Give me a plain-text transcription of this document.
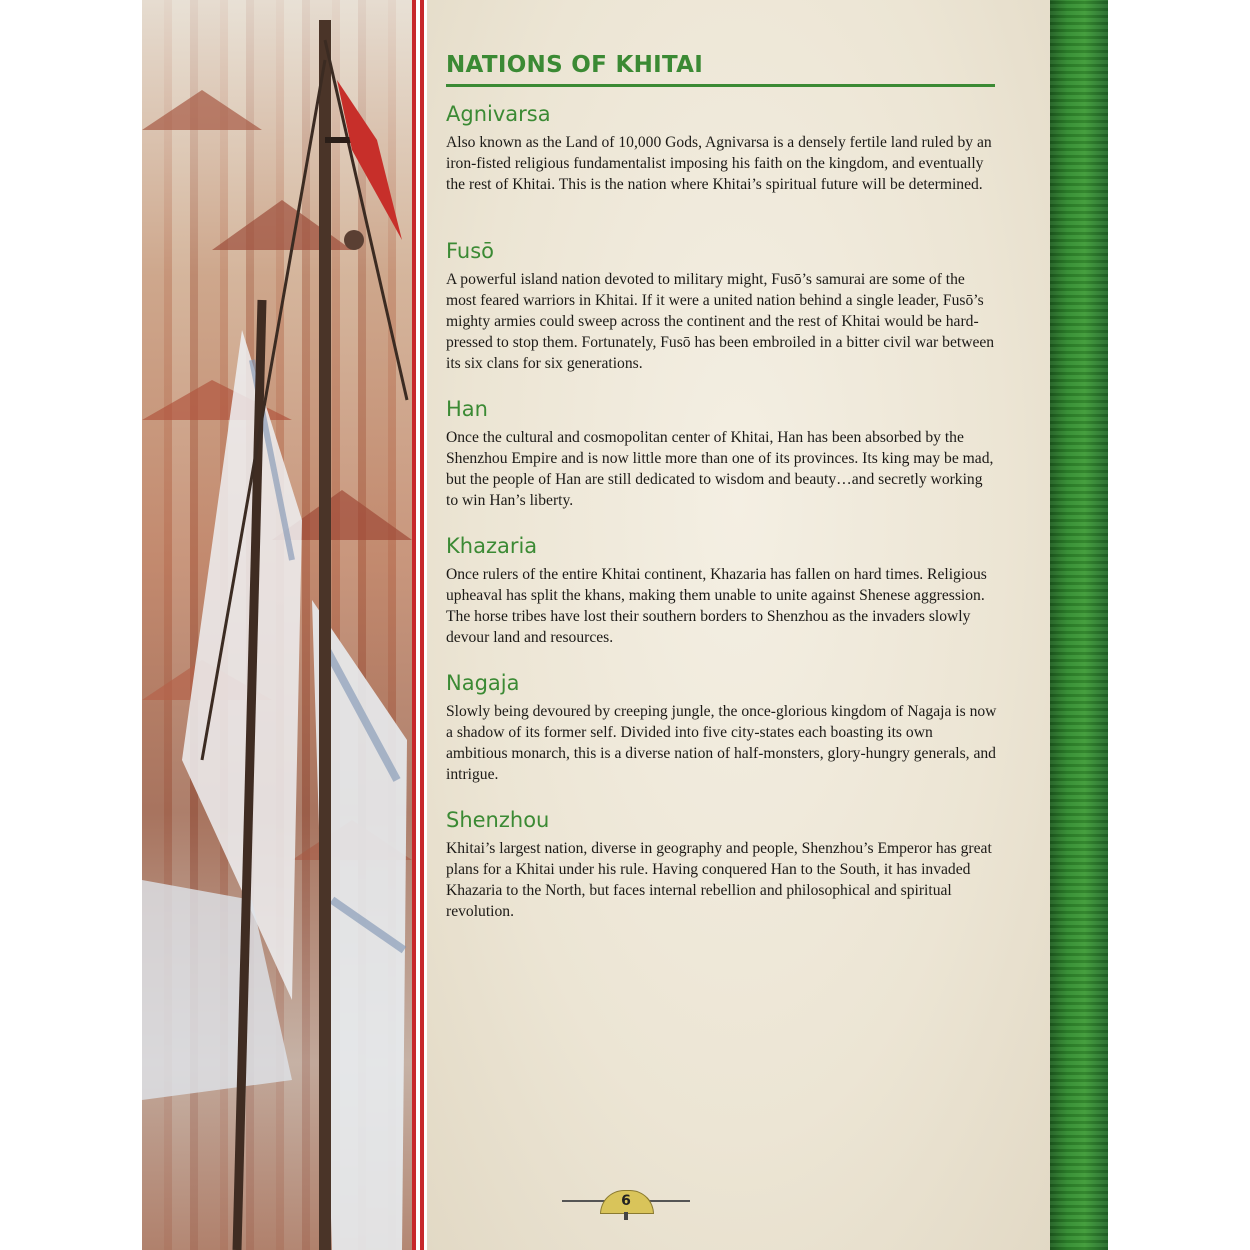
NATIONS OF KHITAI
Agnivarsa

Also known as the Land of 10,000 Gods, Agnivarsa is a densely fertile land ruled by an iron-fisted religious fundamentalist imposing his faith on the kingdom, and eventually the rest of Khitai. This is the nation where Khitai’s spiritual future will be determined.

Fusō

A powerful island nation devoted to military might, Fusō’s samurai are some of the most feared warriors in Khitai. If it were a united nation behind a single leader, Fusō’s mighty armies could sweep across the continent and the rest of Khitai would be hard-pressed to stop them. Fortunately, Fusō has been embroiled in a bitter civil war between its six clans for six generations.

Han

Once the cultural and cosmopolitan center of Khitai, Han has been absorbed by the Shenzhou Empire and is now little more than one of its provinces. Its king may be mad, but the people of Han are still dedicated to wisdom and beauty…and secretly working to win Han’s liberty.

Khazaria

Once rulers of the entire Khitai continent, Khazaria has fallen on hard times. Religious upheaval has split the khans, making them unable to unite against Shenese aggression. The horse tribes have lost their southern borders to Shenzhou as the invaders slowly devour land and resources.

Nagaja

Slowly being devoured by creeping jungle, the once-glorious kingdom of Nagaja is now a shadow of its former self. Divided into five city-states each boasting its own ambitious monarch, this is a diverse nation of half-monsters, glory-hungry generals, and intrigue.

Shenzhou

Khitai’s largest nation, diverse in geography and people, Shenzhou’s Emperor has great plans for a Khitai under his rule. Having conquered Han to the South, it has invaded Khazaria to the North, but faces internal rebellion and philosophical and spiritual revolution.

6
